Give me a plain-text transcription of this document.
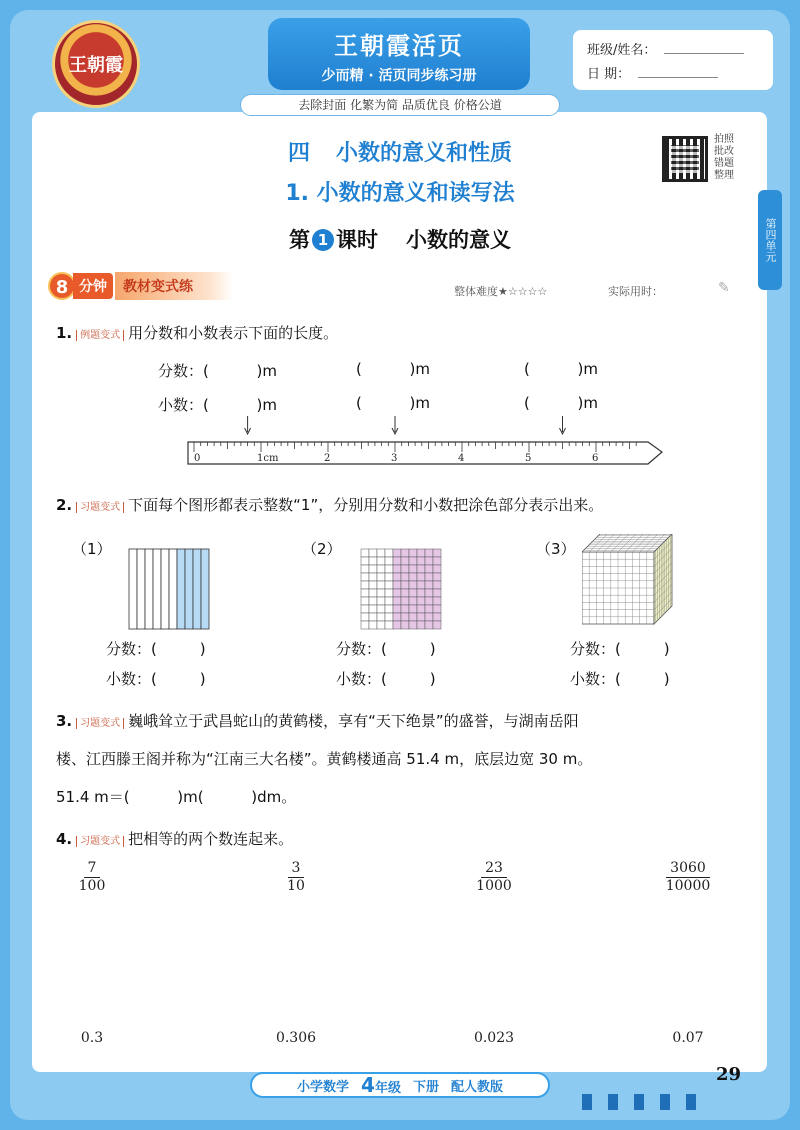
王朝霞
王朝霞活页
少而精 · 活页同步练习册
去除封面 化繁为简 品质优良 价格公道
班级/姓名：
日 期：
第四单元
拍照批改 错题整理
四 小数的意义和性质
1. 小数的意义和读写法
第 1 课时 小数的意义
8 分钟	教材变式练	整体难度★☆☆☆☆	实际用时：	✎
1. 例题变式 用分数和小数表示下面的长度。
分数：(          )m	(          )m	(          )m
小数：(          )m	(          )m	(          )m
0	1cm	2	3	4	5	6
2. 习题变式 下面每个图形都表示整数“1”，分别用分数和小数把涂色部分表示出来。
（1）
分数：(         )
小数：(         )
（2）
分数：(         )
小数：(         )
（3）
分数：(         )
小数：(         )
3. 习题变式 巍峨耸立于武昌蛇山的黄鹤楼，享有“天下绝景”的盛誉，与湖南岳阳
楼、江西滕王阁并称为“江南三大名楼”。黄鹤楼通高 51.4 m，底层边宽 30 m。
51.4 m＝(          )m(          )dm。
4. 习题变式 把相等的两个数连起来。
$\frac{7}{100}$	$\frac{3}{10}$	$\frac{23}{1000}$	$\frac{3060}{10000}$
0.3	0.306	0.023	0.07
小学数学 4年级 下册 配人教版
29
